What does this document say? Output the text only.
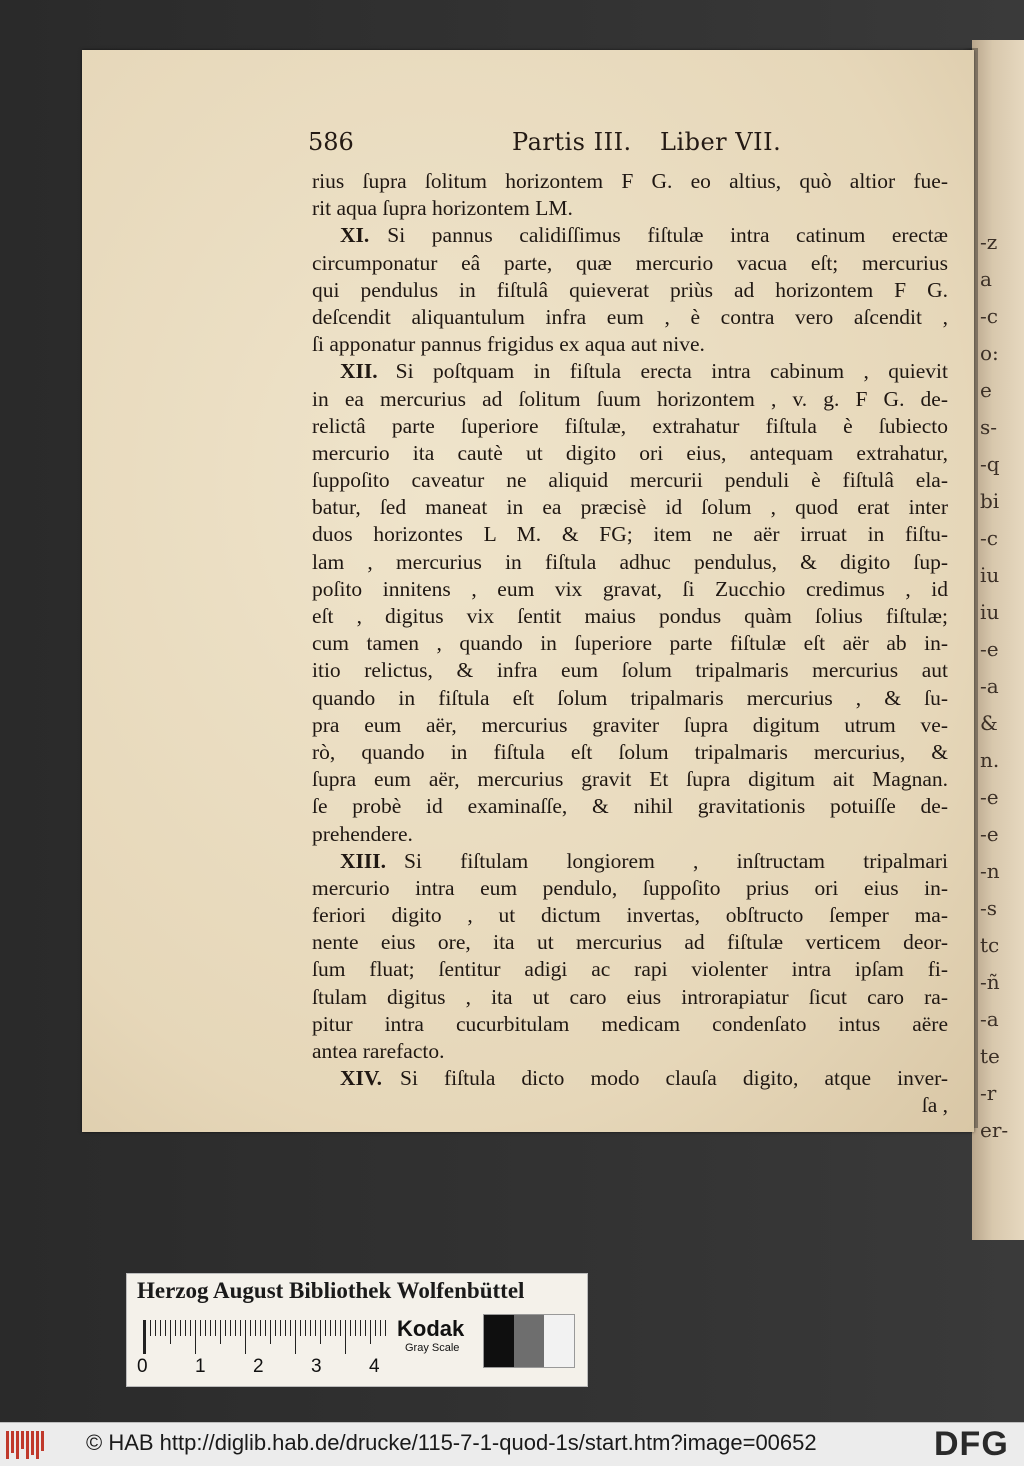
-z
a
-c
o:
e
s-
-q
bi
-c
iu
iu
-e
-a
&
n.
-e
-e
-n
-s
tc
-ñ
-a
te
-r
er-
586	Partis III. Liber VII.
rius ſupra ſolitum horizontem F G. eo altius, quò altior fue-
rit aqua ſupra horizontem LM.
XI. Si pannus calidiſſimus fiſtulæ intra catinum erectæ
circumponatur eâ parte, quæ mercurio vacua eſt; mercurius
qui pendulus in fiſtulâ quieverat priùs ad horizontem F G.
deſcendit aliquantulum infra eum , è contra vero aſcendit ,
ſi apponatur pannus frigidus ex aqua aut nive.
XII. Si poſtquam in fiſtula erecta intra cabinum , quievit
in ea mercurius ad ſolitum ſuum horizontem , v. g. F G. de-
relictâ parte ſuperiore fiſtulæ, extrahatur fiſtula è ſubiecto
mercurio ita cautè ut digito ori eius, antequam extrahatur,
ſuppoſito caveatur ne aliquid mercurii penduli è fiſtulâ ela-
batur, ſed maneat in ea præcisè id ſolum , quod erat inter
duos horizontes L M. & FG; item ne aër irruat in fiſtu-
lam , mercurius in fiſtula adhuc pendulus, & digito ſup-
poſito innitens , eum vix gravat, ſi Zucchio credimus , id
eſt , digitus vix ſentit maius pondus quàm ſolius fiſtulæ;
cum tamen , quando in ſuperiore parte fiſtulæ eſt aër ab in-
itio relictus, & infra eum ſolum tripalmaris mercurius aut
quando in fiſtula eſt ſolum tripalmaris mercurius , & ſu-
pra eum aër, mercurius graviter ſupra digitum utrum ve-
rò, quando in fiſtula eſt ſolum tripalmaris mercurius, &
ſupra eum aër, mercurius gravit Et ſupra digitum ait Magnan.
ſe probè id examinaſſe, & nihil gravitationis potuiſſe de-
prehendere.
XIII. Si fiſtulam longiorem , inſtructam tripalmari
mercurio intra eum pendulo, ſuppoſito prius ori eius in-
feriori digito , ut dictum invertas, obſtructo ſemper ma-
nente eius ore, ita ut mercurius ad fiſtulæ verticem deor-
ſum fluat; ſentitur adigi ac rapi violenter intra ipſam fi-
ſtulam digitus , ita ut caro eius introrapiatur ſicut caro ra-
pitur intra cucurbitulam medicam condenſato intus aëre
antea rarefacto.
XIV. Si fiſtula dicto modo clauſa digito, atque inver-
ſa ,
Herzog August Bibliothek Wolfenbüttel
0 1 2 3 4
Kodak
Gray Scale
© HAB http://diglib.hab.de/drucke/115-7-1-quod-1s/start.htm?image=00652	DFG
